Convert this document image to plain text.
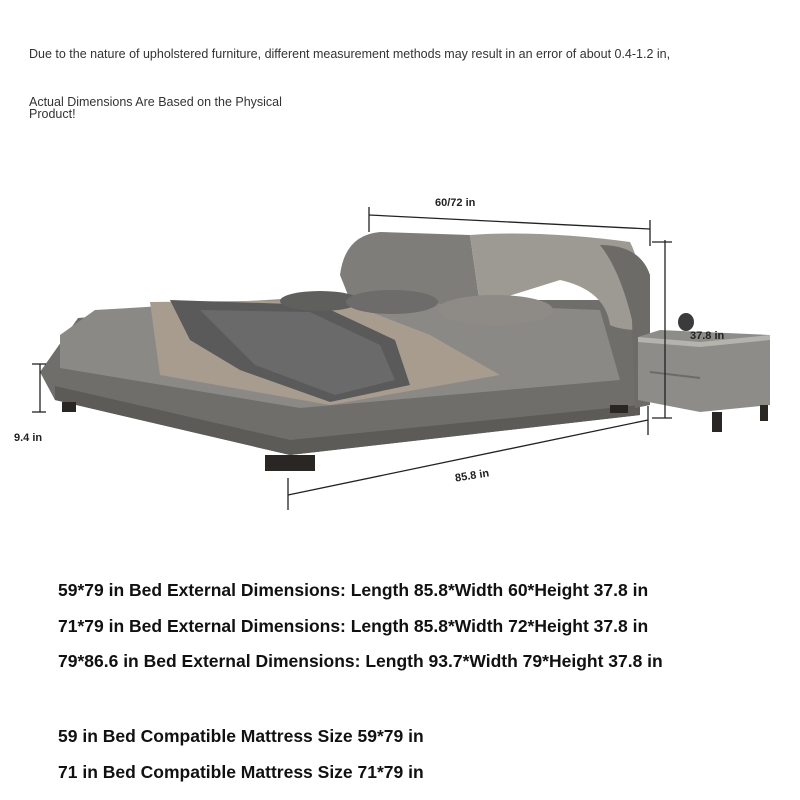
Due to the nature of upholstered furniture, different measurement methods may result in an error of about 0.4-1.2 in,
Actual Dimensions Are Based on the Physical Product!
60/72 in
37.8 in
85.8 in
9.4 in
59*79 in Bed External Dimensions: Length 85.8*Width 60*Height 37.8 in
71*79 in Bed External Dimensions: Length 85.8*Width 72*Height 37.8 in
79*86.6 in Bed External Dimensions: Length 93.7*Width 79*Height 37.8 in
59 in Bed Compatible Mattress Size 59*79 in
71 in Bed Compatible Mattress Size 71*79 in
